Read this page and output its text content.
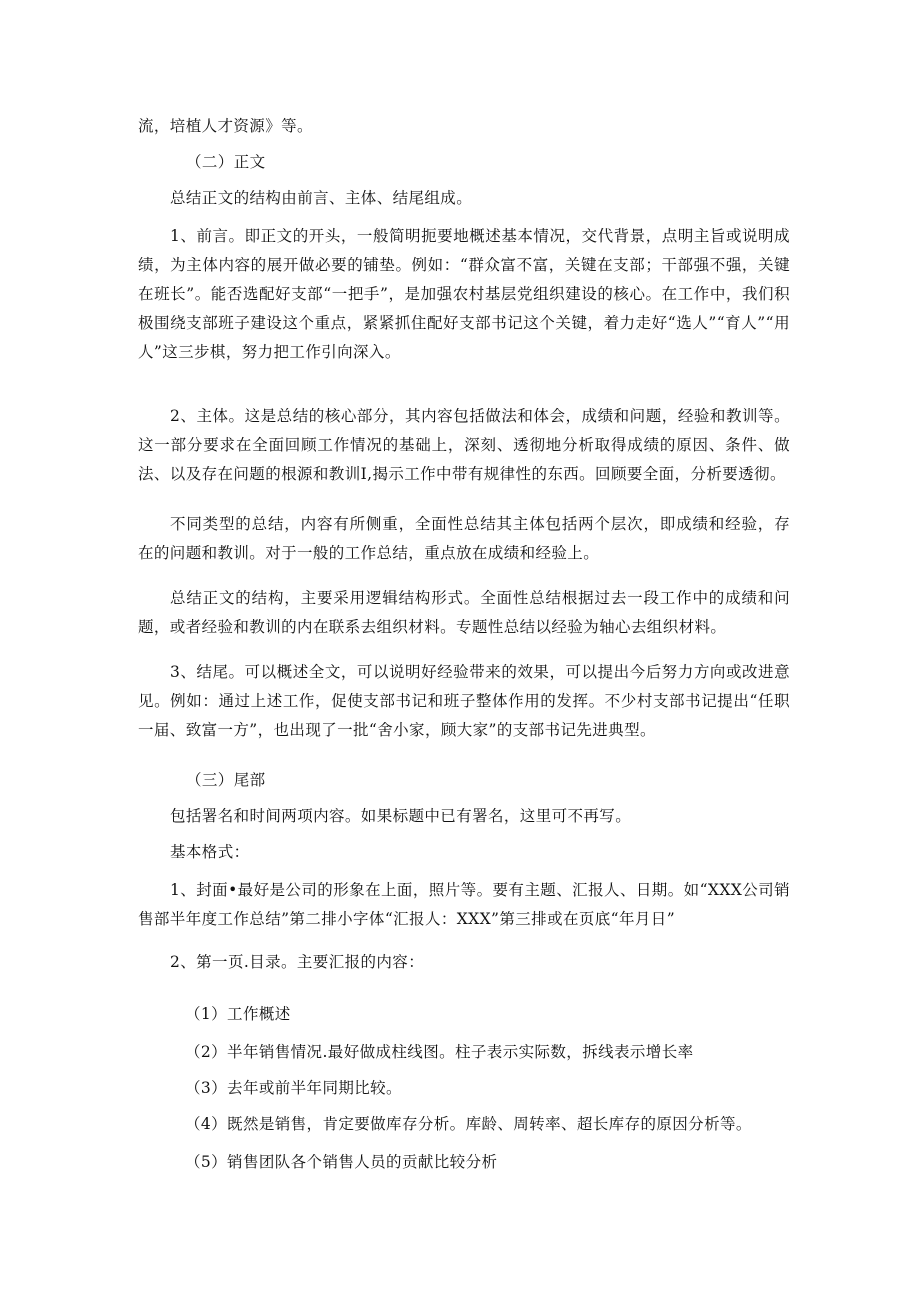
流，培植人才资源》等。

（二）正文

总结正文的结构由前言、主体、结尾组成。

1、前言。即正文的开头，一般简明扼要地概述基本情况，交代背景，点明主旨或说明成绩，为主体内容的展开做必要的铺垫。例如：“群众富不富，关键在支部；干部强不强，关键在班长”。能否选配好支部“一把手”，是加强农村基层党组织建设的核心。在工作中，我们积极围绕支部班子建设这个重点，紧紧抓住配好支部书记这个关键，着力走好“选人”“育人”“用人”这三步棋，努力把工作引向深入。

2、主体。这是总结的核心部分，其内容包括做法和体会，成绩和问题，经验和教训等。这一部分要求在全面回顾工作情况的基础上，深刻、透彻地分析取得成绩的原因、条件、做法、以及存在问题的根源和教训I,揭示工作中带有规律性的东西。回顾要全面，分析要透彻。

不同类型的总结，内容有所侧重，全面性总结其主体包括两个层次，即成绩和经验，存在的问题和教训。对于一般的工作总结，重点放在成绩和经验上。

总结正文的结构，主要采用逻辑结构形式。全面性总结根据过去一段工作中的成绩和问题，或者经验和教训的内在联系去组织材料。专题性总结以经验为轴心去组织材料。

3、结尾。可以概述全文，可以说明好经验带来的效果，可以提出今后努力方向或改进意见。例如：通过上述工作，促使支部书记和班子整体作用的发挥。不少村支部书记提出“任职一届、致富一方”，也出现了一批“舍小家，顾大家”的支部书记先进典型。

（三）尾部

包括署名和时间两项内容。如果标题中已有署名，这里可不再写。

基本格式：

1、封面•最好是公司的形象在上面，照片等。要有主题、汇报人、日期。如“XXX公司销售部半年度工作总结”第二排小字体“汇报人：XXX”第三排或在页底“年月日”

2、第一页.目录。主要汇报的内容：

（1）工作概述

（2）半年销售情况.最好做成柱线图。柱子表示实际数，拆线表示增长率

（3）去年或前半年同期比较。

（4）既然是销售，肯定要做库存分析。库龄、周转率、超长库存的原因分析等。

（5）销售团队各个销售人员的贡献比较分析
